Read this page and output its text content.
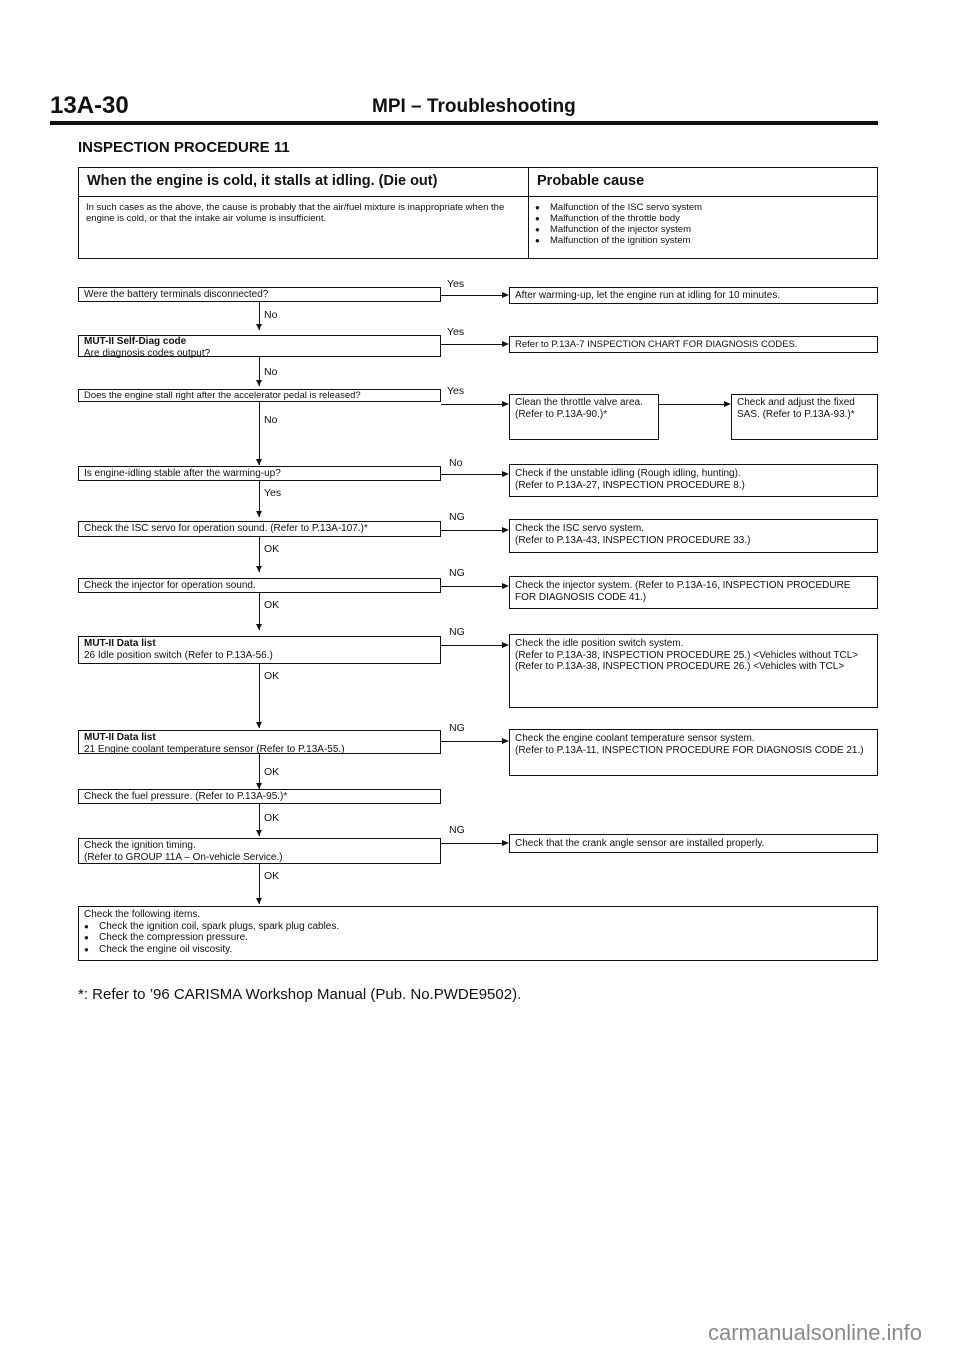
13A-30	MPI – Troubleshooting
INSPECTION PROCEDURE 11
When the engine is cold, it stalls at idling. (Die out)	Probable cause
In such cases as the above, the cause is probably that the air/fuel mixture is inappropriate when the engine is cold, or that the intake air volume is insufficient.
● Malfunction of the ISC servo system
● Malfunction of the throttle body
● Malfunction of the injector system
● Malfunction of the ignition system
No
No
No
Yes
OK
OK
OK
OK
OK
OK
Were the battery terminals disconnected?
MUT-II Self-Diag code
Are diagnosis codes output?
Does the engine stall right after the accelerator pedal is released?
Is engine-idling stable after the warming-up?
Check the ISC servo for operation sound. (Refer to P.13A-107.)*
Check the injector for operation sound.
MUT-II Data list
26 Idle position switch (Refer to P.13A-56.)
MUT-II Data list
21 Engine coolant temperature sensor (Refer to P.13A-55.)
Check the fuel pressure. (Refer to P.13A-95.)*
Check the ignition timing.
(Refer to GROUP 11A – On-vehicle Service.)
Check the following items.
● Check the ignition coil, spark plugs, spark plug cables.
● Check the compression pressure.
● Check the engine oil viscosity.
Yes
Yes
Yes
No
NG
NG
NG
NG
NG
After warming-up, let the engine run at idling for 10 minutes.
Refer to P.13A-7 INSPECTION CHART FOR DIAGNOSIS CODES.
Clean the throttle valve area. (Refer to P.13A-90.)*
Check and adjust the fixed SAS. (Refer to P.13A-93.)*
Check if the unstable idling (Rough idling, hunting).
(Refer to P.13A-27, INSPECTION PROCEDURE 8.)
Check the ISC servo system.
(Refer to P.13A-43, INSPECTION PROCEDURE 33.)
Check the injector system. (Refer to P.13A-16, INSPECTION PROCEDURE FOR DIAGNOSIS CODE 41.)
Check the idle position switch system.
(Refer to P.13A-38, INSPECTION PROCEDURE 25.) <Vehicles without TCL>
(Refer to P.13A-38, INSPECTION PROCEDURE 26.) <Vehicles with TCL>
Check the engine coolant temperature sensor system.
(Refer to P.13A-11, INSPECTION PROCEDURE FOR DIAGNOSIS CODE 21.)
Check that the crank angle sensor are installed properly.
*: Refer to ’96 CARISMA Workshop Manual (Pub. No.PWDE9502).
carmanualsonline.info
